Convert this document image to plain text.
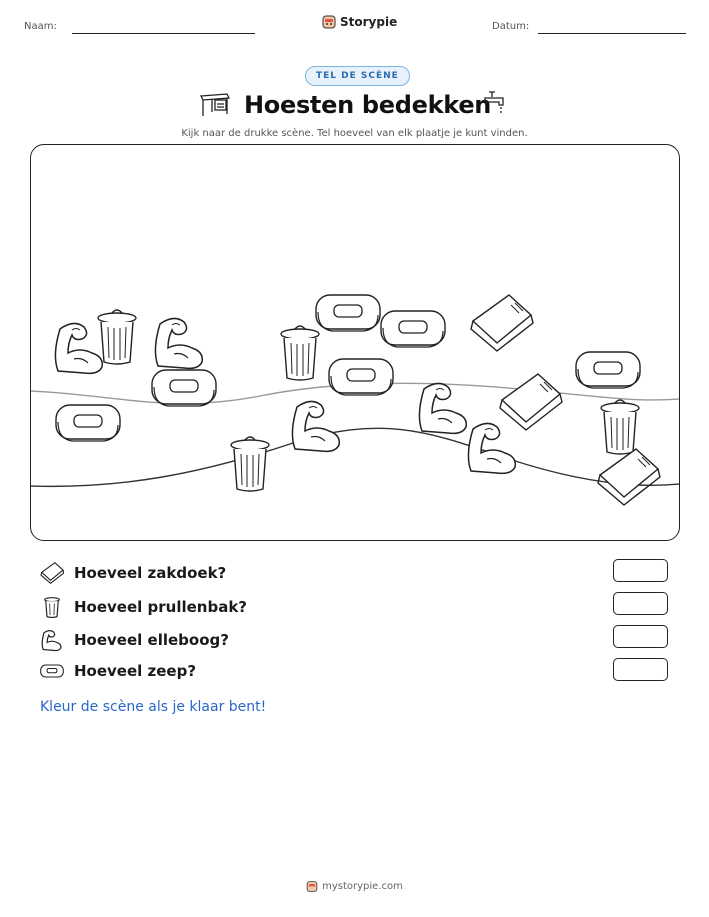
Naam:	Storypie	Datum:
TEL DE SCÈNE
Hoesten bedekken
Kijk naar de drukke scène. Tel hoeveel van elk plaatje je kunt vinden.
Hoeveel zakdoek?
Hoeveel prullenbak?
Hoeveel elleboog?
Hoeveel zeep?
Kleur de scène als je klaar bent!
mystorypie.com
